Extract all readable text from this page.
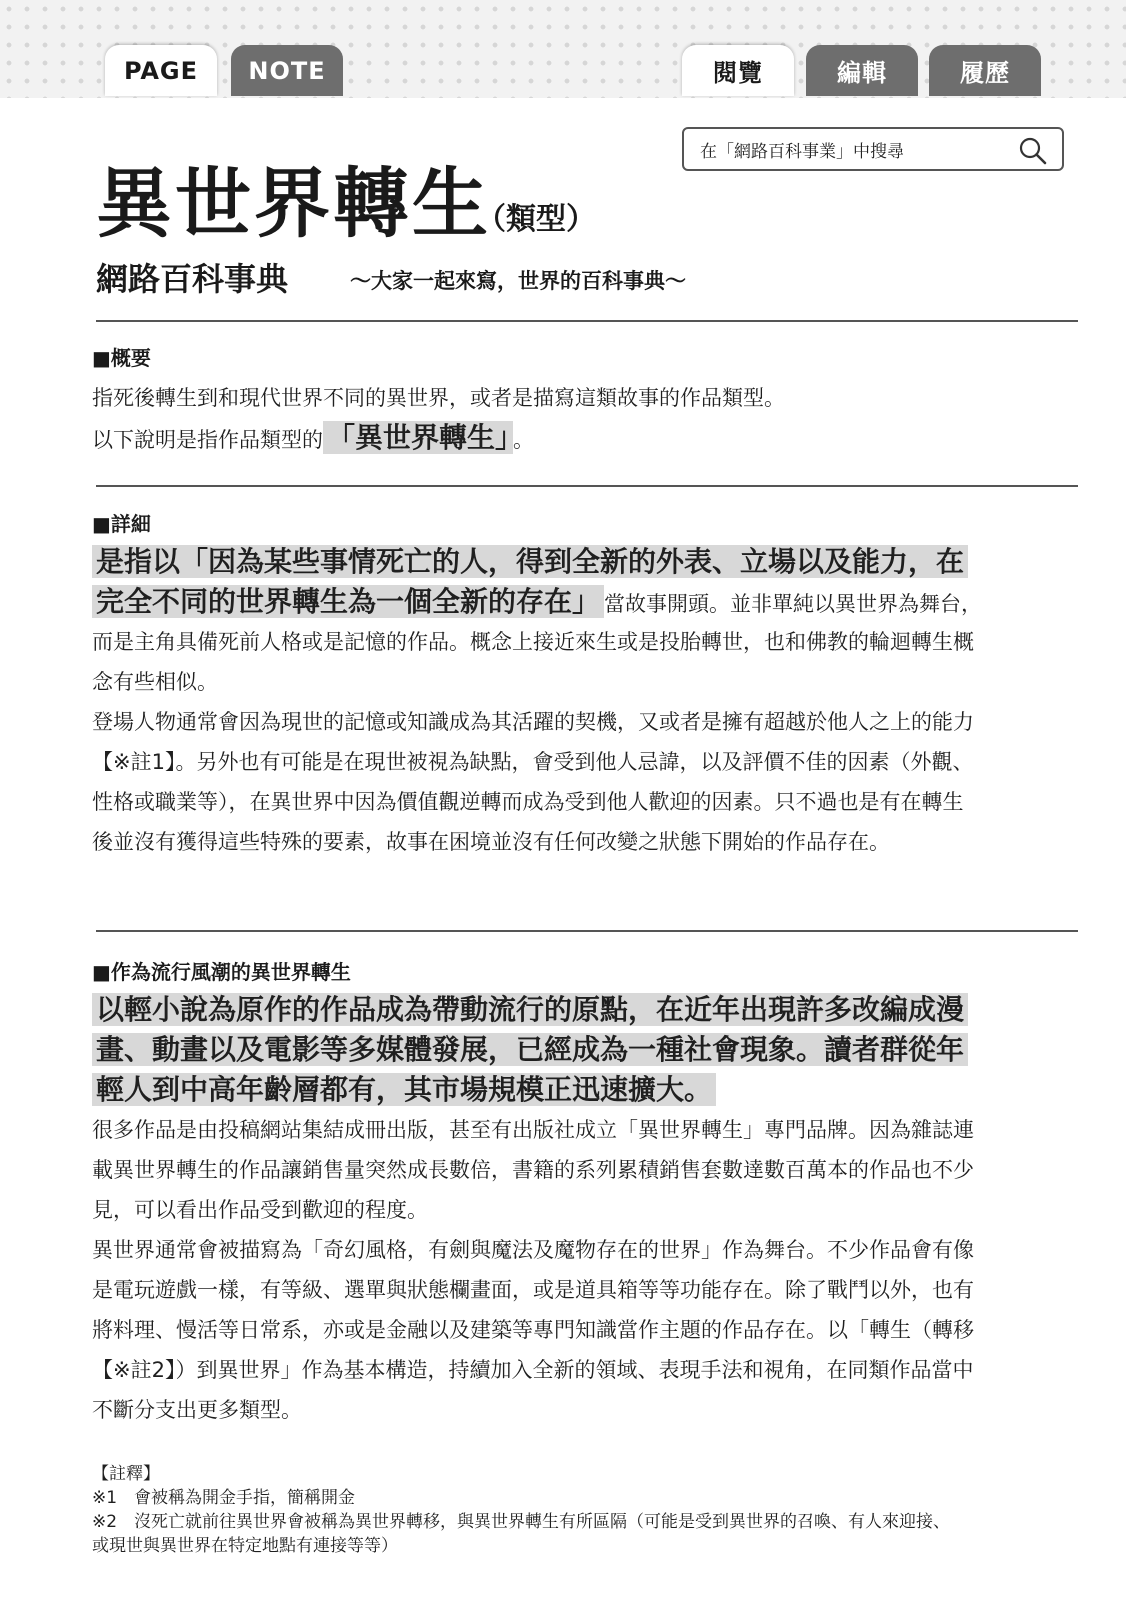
PAGE	NOTE	閱覽	編輯	履歷
在「網路百科事業」中搜尋
異世界轉生
（類型）
網路百科事典	～大家一起來寫，世界的百科事典～
■概要
指死後轉生到和現代世界不同的異世界，或者是描寫這類故事的作品類型。
以下說明是指作品類型的 「異世界轉生」 。
■詳細
是指以「因為某些事情死亡的人，得到全新的外表、立場以及能力，在
完全不同的世界轉生為一個全新的存在」 當故事開頭。並非單純以異世界為舞台，
而是主角具備死前人格或是記憶的作品。概念上接近來生或是投胎轉世，也和佛教的輪迴轉生概
念有些相似。
登場人物通常會因為現世的記憶或知識成為其活躍的契機，又或者是擁有超越於他人之上的能力
【※註1】。另外也有可能是在現世被視為缺點，會受到他人忌諱，以及評價不佳的因素（外觀、
性格或職業等），在異世界中因為價值觀逆轉而成為受到他人歡迎的因素。只不過也是有在轉生
後並沒有獲得這些特殊的要素，故事在困境並沒有任何改變之狀態下開始的作品存在。
■作為流行風潮的異世界轉生
以輕小說為原作的作品成為帶動流行的原點，在近年出現許多改編成漫
畫、動畫以及電影等多媒體發展，已經成為一種社會現象。讀者群從年
輕人到中高年齡層都有，其市場規模正迅速擴大。
很多作品是由投稿網站集結成冊出版，甚至有出版社成立「異世界轉生」專門品牌。因為雜誌連
載異世界轉生的作品讓銷售量突然成長數倍，書籍的系列累積銷售套數達數百萬本的作品也不少
見，可以看出作品受到歡迎的程度。
異世界通常會被描寫為「奇幻風格，有劍與魔法及魔物存在的世界」作為舞台。不少作品會有像
是電玩遊戲一樣，有等級、選單與狀態欄畫面，或是道具箱等等功能存在。除了戰鬥以外，也有
將料理、慢活等日常系，亦或是金融以及建築等專門知識當作主題的作品存在。以「轉生（轉移
【※註2】）到異世界」作為基本構造，持續加入全新的領域、表現手法和視角，在同類作品當中
不斷分支出更多類型。
【註釋】
※1　會被稱為開金手指，簡稱開金
※2　沒死亡就前往異世界會被稱為異世界轉移，與異世界轉生有所區隔（可能是受到異世界的召喚、有人來迎接、
或現世與異世界在特定地點有連接等等）
